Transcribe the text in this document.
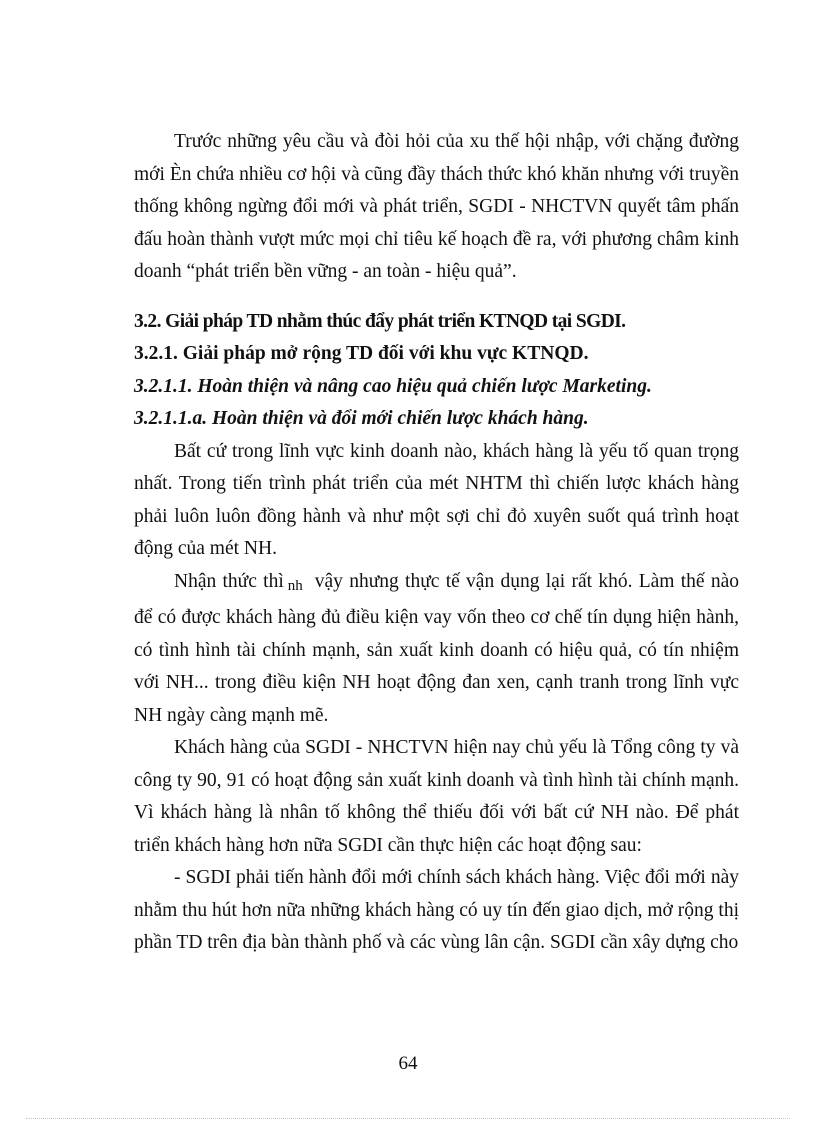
Trước những yêu cầu và đòi hỏi của xu thế hội nhập, với chặng đường mới Èn chứa nhiều cơ hội và cũng đầy thách thức khó khăn nhưng với truyền thống không ngừng đổi mới và phát triển, SGDI - NHCTVN quyết tâm phấn đấu hoàn thành vượt mức mọi chỉ tiêu kế hoạch đề ra, với phương châm kinh doanh “phát triển bền vững - an toàn - hiệu quả”.

3.2. Giải pháp TD nhằm thúc đẩy phát triển KTNQD tại SGDI.
3.2.1. Giải pháp mở rộng TD đối với khu vực KTNQD.
3.2.1.1. Hoàn thiện và nâng cao hiệu quả chiến lược Marketing.
3.2.1.1.a. Hoàn thiện và đổi mới chiến lược khách hàng.

Bất cứ trong lĩnh vực kinh doanh nào, khách hàng là yếu tố quan trọng nhất. Trong tiến trình phát triển của mét NHTM thì chiến lược khách hàng phải luôn luôn đồng hành và như một sợi chỉ đỏ xuyên suốt quá trình hoạt động của mét NH.

Nhận thức thì nh vậy nhưng thực tế vận dụng lại rất khó. Làm thế nào để có được khách hàng đủ điều kiện vay vốn theo cơ chế tín dụng hiện hành, có tình hình tài chính mạnh, sản xuất kinh doanh có hiệu quả, có tín nhiệm với NH... trong điều kiện NH hoạt động đan xen, cạnh tranh trong lĩnh vực NH ngày càng mạnh mẽ.

Khách hàng của SGDI - NHCTVN hiện nay chủ yếu là Tổng công ty và công ty 90, 91 có hoạt động sản xuất kinh doanh và tình hình tài chính mạnh. Vì khách hàng là nhân tố không thể thiếu đối với bất cứ NH nào. Để phát triển khách hàng hơn nữa SGDI cần thực hiện các hoạt động sau:

- SGDI phải tiến hành đổi mới chính sách khách hàng. Việc đổi mới này nhằm thu hút hơn nữa những khách hàng có uy tín đến giao dịch, mở rộng thị phần TD trên địa bàn thành phố và các vùng lân cận. SGDI cần xây dựng cho

64
